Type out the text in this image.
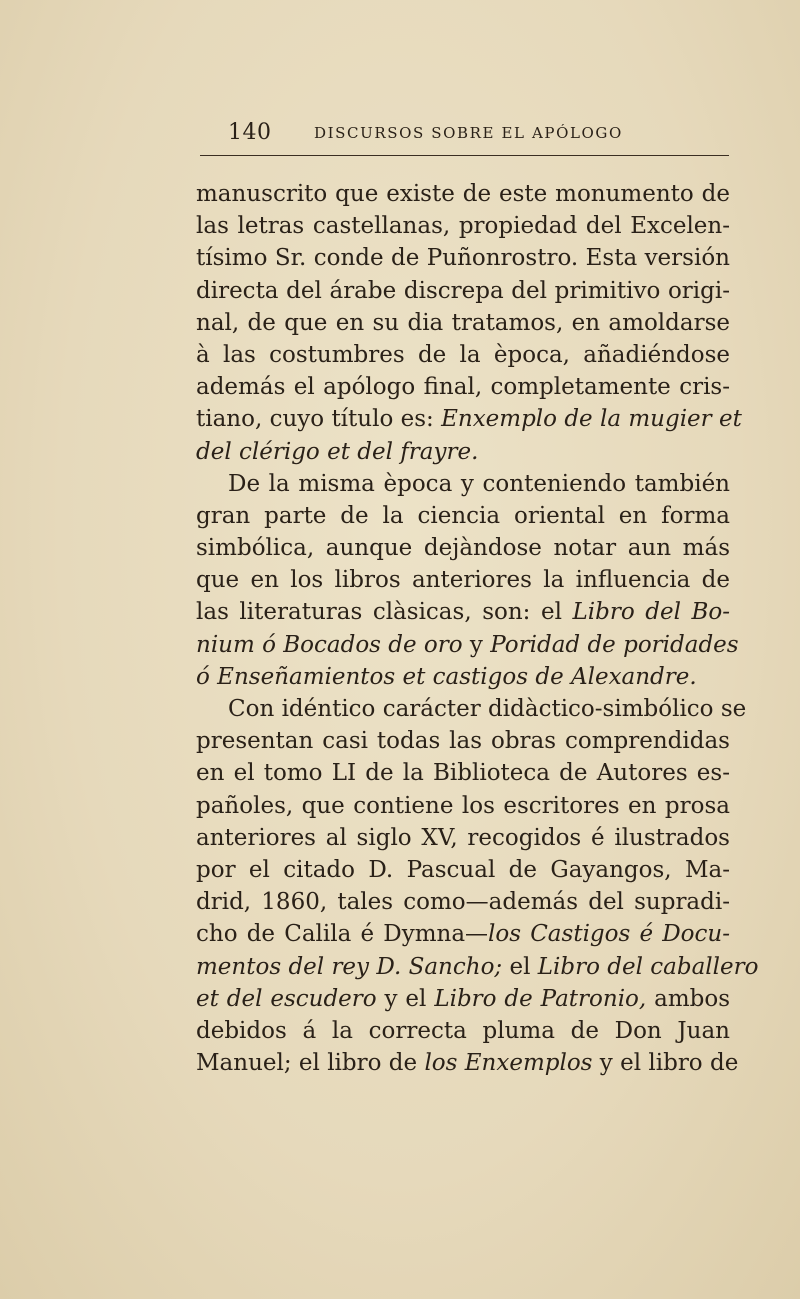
140	DISCURSOS SOBRE EL APÓLOGO
manuscrito que existe de este monumento de
las letras castellanas, propiedad del Excelen-
tísimo Sr. conde de Puñonrostro. Esta versión
directa del árabe discrepa del primitivo origi-
nal, de que en su dia tratamos, en amoldarse
à las costumbres de la època, añadiéndose
además el apólogo final, completamente cris-
tiano, cuyo título es: Enxemplo de la mugier et
del clérigo et del frayre.
De la misma època y conteniendo también
gran parte de la ciencia oriental en forma
simbólica, aunque dejàndose notar aun más
que en los libros anteriores la influencia de
las literaturas clàsicas, son: el Libro del Bo-
nium ó Bocados de oro y Poridad de poridades
ó Enseñamientos et castigos de Alexandre.
Con idéntico carácter didàctico-simbólico se
presentan casi todas las obras comprendidas
en el tomo LI de la Biblioteca de Autores es-
pañoles, que contiene los escritores en prosa
anteriores al siglo XV, recogidos é ilustrados
por el citado D. Pascual de Gayangos, Ma-
drid, 1860, tales como—además del supradi-
cho de Calila é Dymna—los Castigos é Docu-
mentos del rey D. Sancho; el Libro del caballero
et del escudero y el Libro de Patronio, ambos
debidos á la correcta pluma de Don Juan
Manuel; el libro de los Enxemplos y el libro de
